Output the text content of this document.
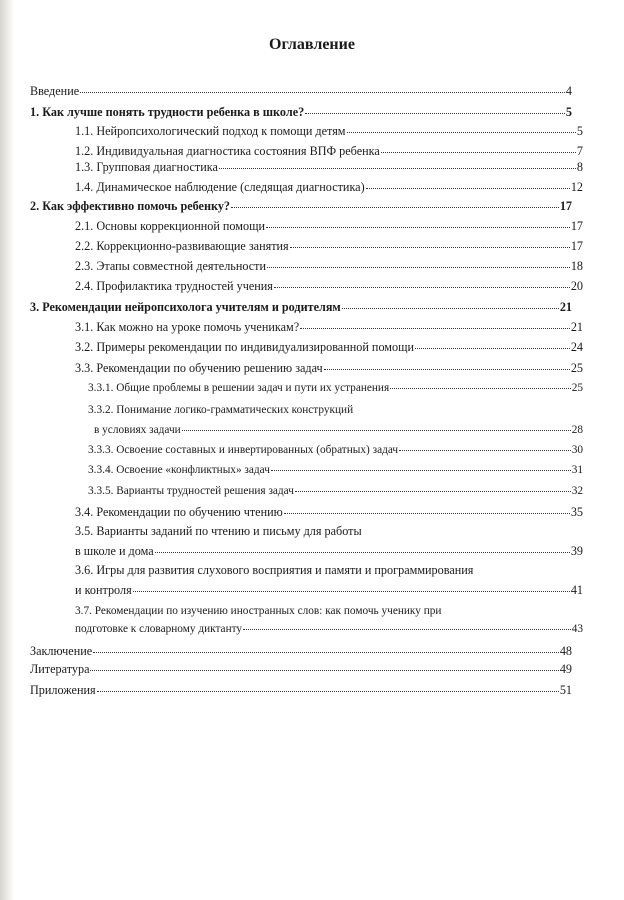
Оглавление
Введение	4
1. Как лучше понять трудности ребенка в школе?	5
1.1. Нейропсихологический подход к помощи детям	5
1.2. Индивидуальная диагностика состояния ВПФ ребенка	7
1.3. Групповая диагностика	8
1.4. Динамическое наблюдение (следящая диагностика)	12
2. Как эффективно помочь ребенку?	17
2.1. Основы коррекционной помощи	17
2.2. Коррекционно-развивающие занятия	17
2.3. Этапы совместной деятельности	18
2.4. Профилактика трудностей учения	20
3. Рекомендации нейропсихолога учителям и родителям	21
3.1. Как можно на уроке помочь ученикам?	21
3.2. Примеры рекомендации по индивидуализированной помощи	24
3.3. Рекомендации по обучению решению задач	25
3.3.1. Общие проблемы в решении задач и пути их устранения	25
3.3.2. Понимание логико-грамматических конструкций
в условиях задачи	28
3.3.3. Освоение составных и инвертированных (обратных) задач	30
3.3.4. Освоение «конфликтных» задач	31
3.3.5. Варианты трудностей решения задач	32
3.4. Рекомендации по обучению чтению	35
3.5. Варианты заданий по чтению и письму для работы
в школе и дома	39
3.6. Игры для развития слухового восприятия и памяти и программирования
и контроля	41
3.7. Рекомендации по изучению иностранных слов: как помочь ученику при
подготовке к словарному диктанту	43
Заключение	48
Литература	49
Приложения	51
